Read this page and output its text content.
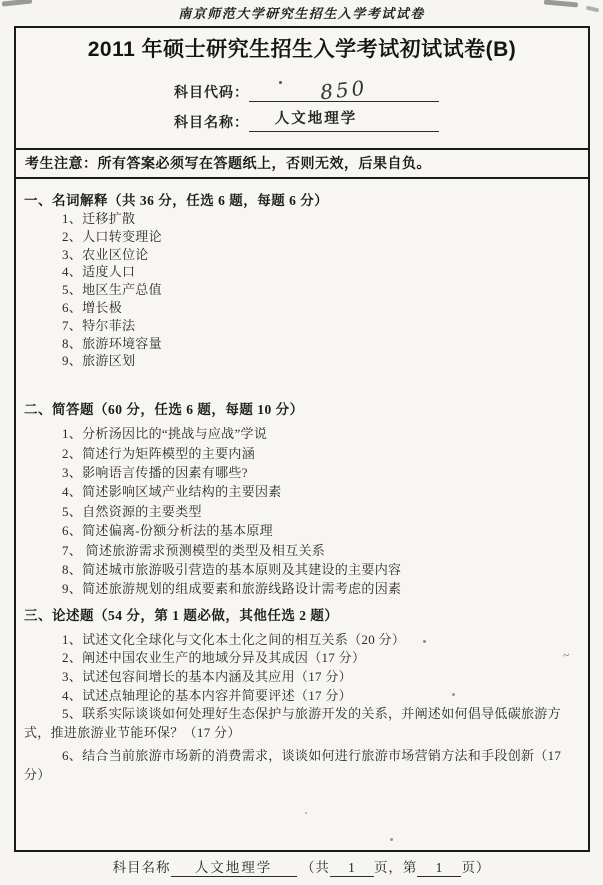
南京师范大学研究生招生入学考试试卷
2011 年硕士研究生招生入学考试初试试卷(B)
科目代码：	850
科目名称： 人文地理学
考生注意：所有答案必须写在答题纸上，否则无效，后果自负。
一、名词解释（共 36 分，任选 6 题，每题 6 分）
1、迁移扩散
2、人口转变理论
3、农业区位论
4、适度人口
5、地区生产总值
6、增长极
7、特尔菲法
8、旅游环境容量
9、旅游区划
二、简答题（60 分，任选 6 题，每题 10 分）
1、分析汤因比的“挑战与应战”学说
2、简述行为矩阵模型的主要内涵
3、影响语言传播的因素有哪些?
4、简述影响区域产业结构的主要因素
5、自然资源的主要类型
6、简述偏离-份额分析法的基本原理
7、 简述旅游需求预测模型的类型及相互关系
8、简述城市旅游吸引营造的基本原则及其建设的主要内容
9、简述旅游规划的组成要素和旅游线路设计需考虑的因素
三、论述题（54 分，第 1 题必做，其他任选 2 题）
1、试述文化全球化与文化本土化之间的相互关系（20 分）
2、阐述中国农业生产的地域分异及其成因（17 分）
3、试述包容间增长的基本内涵及其应用（17 分）
4、试述点轴理论的基本内容并简要评述（17 分）
5、联系实际谈谈如何处理好生态保护与旅游开发的关系，并阐述如何倡导低碳旅游方式，推进旅游业节能环保？（17 分）
6、结合当前旅游市场新的消费需求，谈谈如何进行旅游市场营销方法和手段创新（17 分）
科目名称 人文地理学 （共 1 页，第 1 页）
~
